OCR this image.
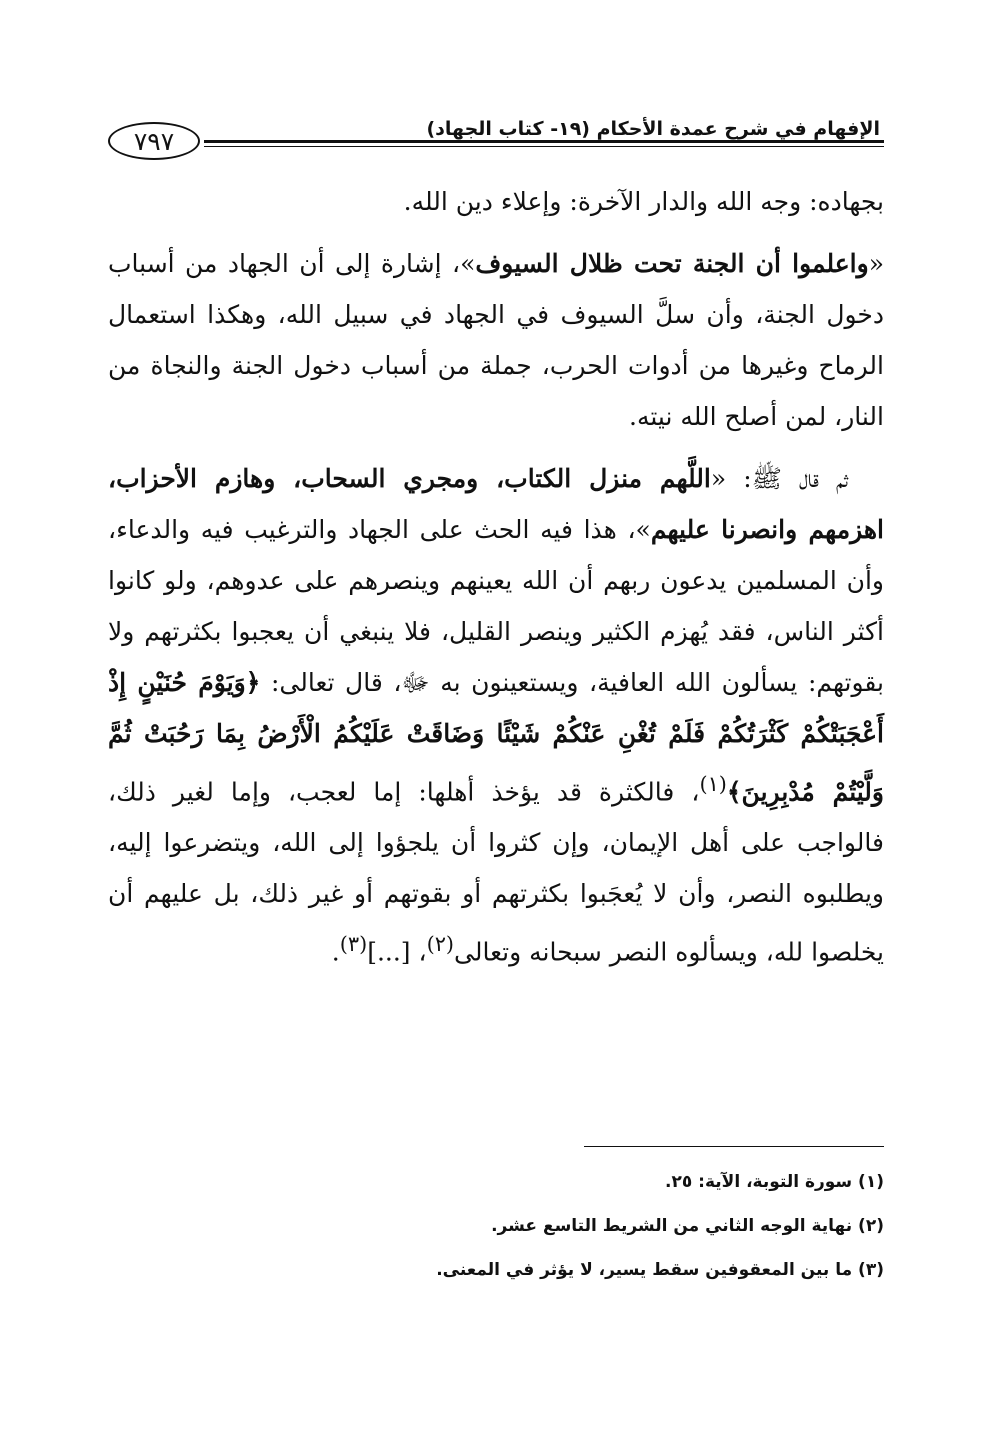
٧٩٧	الإفهام في شرح عمدة الأحكام (١٩- كتاب الجهاد)

بجهاده: وجه الله والدار الآخرة: وإعلاء دين الله.

«واعلموا أن الجنة تحت ظلال السيوف»، إشارة إلى أن الجهاد من أسباب دخول الجنة، وأن سلَّ السيوف في الجهاد في سبيل الله، وهكذا استعمال الرماح وغيرها من أدوات الحرب، جملة من أسباب دخول الجنة والنجاة من النار، لمن أصلح الله نيته.

ثم قال ﷺ: «اللَّهم منزل الكتاب، ومجري السحاب، وهازم الأحزاب، اهزمهم وانصرنا عليهم»، هذا فيه الحث على الجهاد والترغيب فيه والدعاء، وأن المسلمين يدعون ربهم أن الله يعينهم وينصرهم على عدوهم، ولو كانوا أكثر الناس، فقد يُهزم الكثير وينصر القليل، فلا ينبغي أن يعجبوا بكثرتهم ولا بقوتهم: يسألون الله العافية، ويستعينون به ﷻ، قال تعالى: ﴿وَيَوْمَ حُنَيْنٍ إِذْ أَعْجَبَتْكُمْ كَثْرَتُكُمْ فَلَمْ تُغْنِ عَنْكُمْ شَيْئًا وَضَاقَتْ عَلَيْكُمُ الْأَرْضُ بِمَا رَحُبَتْ ثُمَّ وَلَّيْتُمْ مُدْبِرِينَ﴾$^{(١)}$، فالكثرة قد يؤخذ أهلها: إما لعجب، وإما لغير ذلك، فالواجب على أهل الإيمان، وإن كثروا أن يلجؤوا إلى الله، ويتضرعوا إليه، ويطلبوه النصر، وأن لا يُعجَبوا بكثرتهم أو بقوتهم أو غير ذلك، بل عليهم أن يخلصوا لله، ويسألوه النصر سبحانه وتعالى$^{(٢)}$، [...]$^{(٣)}$.

(١) سورة التوبة، الآية: ٢٥.
(٢) نهاية الوجه الثاني من الشريط التاسع عشر.
(٣) ما بين المعقوفين سقط يسير، لا يؤثر في المعنى.
